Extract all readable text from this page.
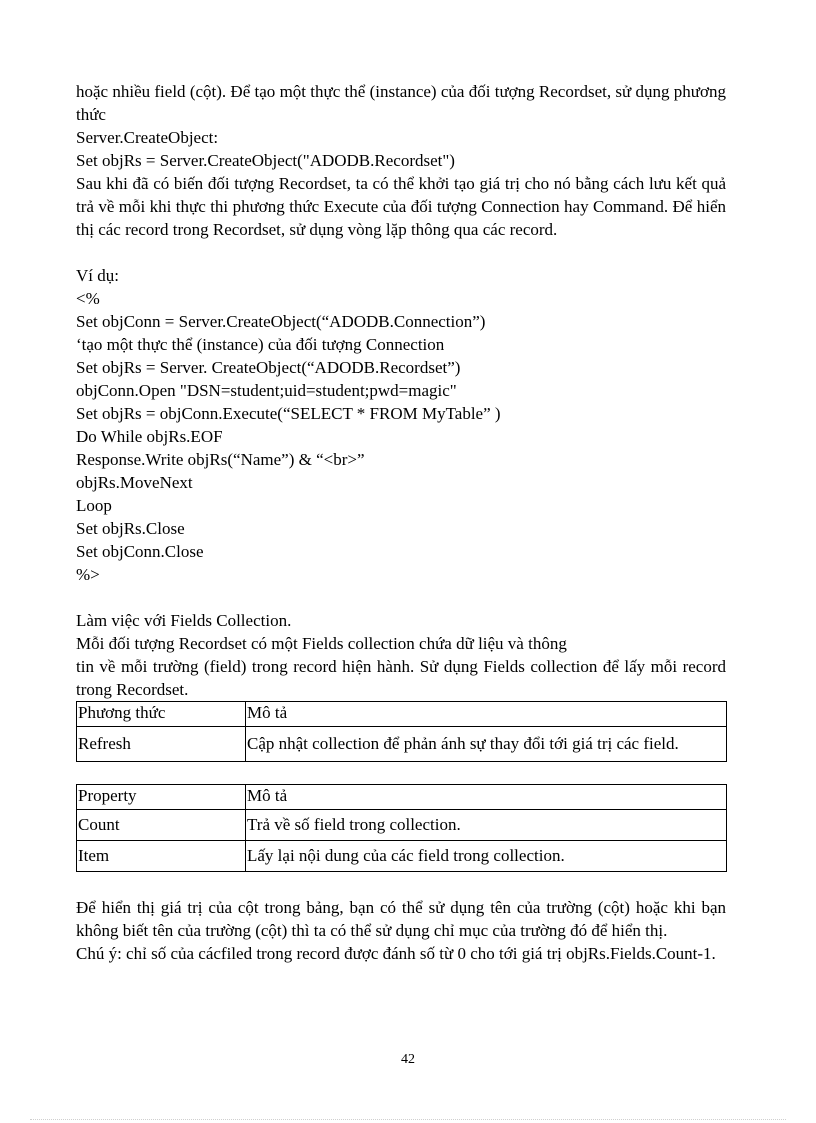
hoặc nhiều field (cột). Để tạo một thực thể (instance) của đối tượng Recordset, sử dụng phương thức

Server.CreateObject:

Set objRs = Server.CreateObject("ADODB.Recordset")

Sau khi đã có biến đối tượng Recordset, ta có thể khởi tạo giá trị cho nó bằng cách lưu kết quả trả về mỗi khi thực thi phương thức Execute của đối tượng Connection hay Command. Để hiển thị các record trong Recordset, sử dụng vòng lặp thông qua các record.

Ví dụ:

<%

Set objConn = Server.CreateObject(“ADODB.Connection”)

‘tạo một thực thể (instance) của đối tượng Connection

Set objRs = Server. CreateObject(“ADODB.Recordset”)

objConn.Open "DSN=student;uid=student;pwd=magic"

Set objRs = objConn.Execute(“SELECT * FROM MyTable” )

Do While objRs.EOF

Response.Write objRs(“Name”) & “<br>”

objRs.MoveNext

Loop

Set objRs.Close

Set objConn.Close

%>

Làm việc với Fields Collection.

Mỗi đối tượng Recordset có một Fields collection chứa dữ liệu và thông

tin về mỗi trường (field) trong record hiện hành. Sử dụng Fields collection để lấy mỗi record trong Recordset.

Phương thức	Mô tả
Refresh	Cập nhật collection để phản ánh sự thay đổi tới giá trị các field.
Property	Mô tả
Count	Trả về số field trong collection.
Item	Lấy lại nội dung của các field trong collection.

Để hiển thị giá trị của cột trong bảng, bạn có thể sử dụng tên của trường (cột) hoặc khi bạn không biết tên của trường (cột) thì ta có thể sử dụng chỉ mục của trường đó để hiển thị.

Chú ý: chỉ số của cácfiled trong record được đánh số từ 0 cho tới giá trị objRs.Fields.Count-1.

42
